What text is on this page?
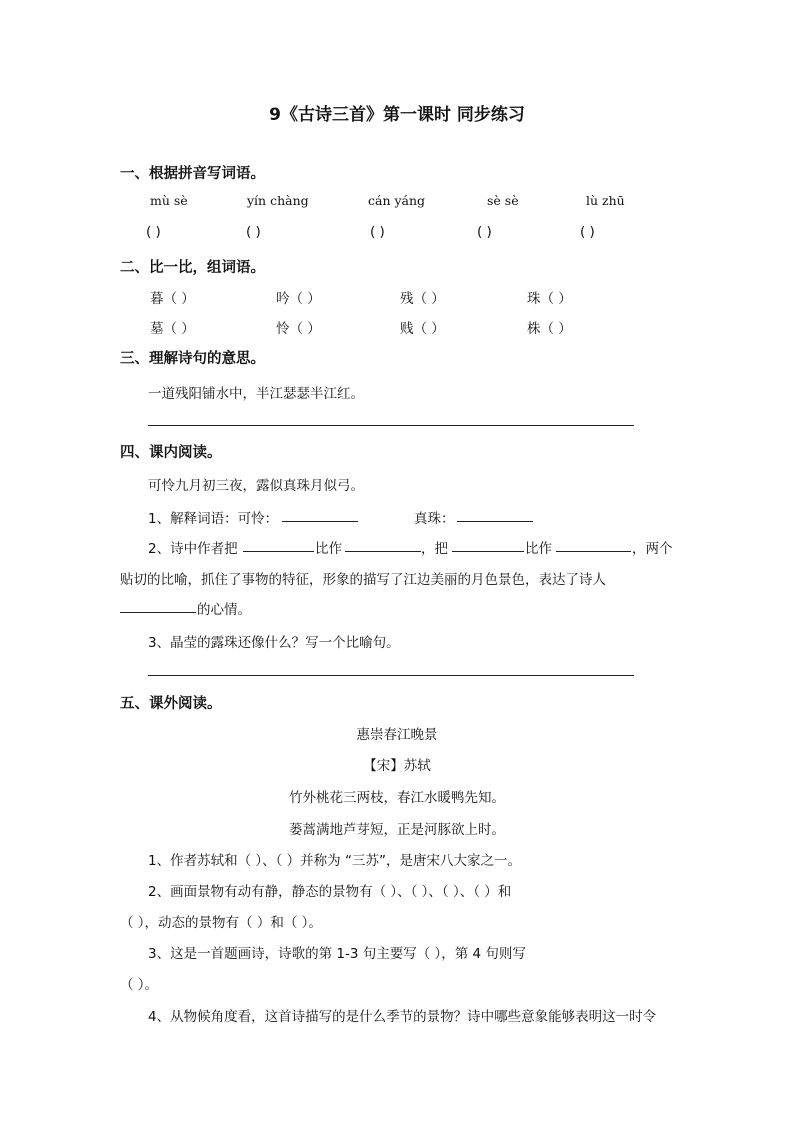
9《古诗三首》第一课时 同步练习
一、根据拼音写词语。
mù sè	yín chàng	cán yáng	sè sè	lù zhū
( )	( )	( )	( )	( )
二、比一比，组词语。
暮（ ）	吟（ ）	残（ ）	珠（ ）
墓（ ）	怜（ ）	贱（ ）	株（ ）
三、理解诗句的意思。
一道残阳铺水中，半江瑟瑟半江红。
四、课内阅读。
可怜九月初三夜，露似真珠月似弓。
1、解释词语：可怜：	真珠：
2、诗中作者把	比作	，把	比作	，两个
贴切的比喻，抓住了事物的特征，形象的描写了江边美丽的月色景色，表达了诗人
的心情。
3、晶莹的露珠还像什么？写一个比喻句。
五、课外阅读。
惠崇春江晚景
【宋】苏轼
竹外桃花三两枝，春江水暖鸭先知。
蒌蒿满地芦芽短，正是河豚欲上时。
1、作者苏轼和（ ）、（ ）并称为 “三苏”，是唐宋八大家之一。
2、画面景物有动有静，静态的景物有（ ）、（ ）、（ ）、（ ）和
（ ），动态的景物有（ ）和（ ）。
3、这是一首题画诗，诗歌的第 1-3 句主要写（ ），第 4 句则写
（ ）。
4、从物候角度看，这首诗描写的是什么季节的景物？诗中哪些意象能够表明这一时令
